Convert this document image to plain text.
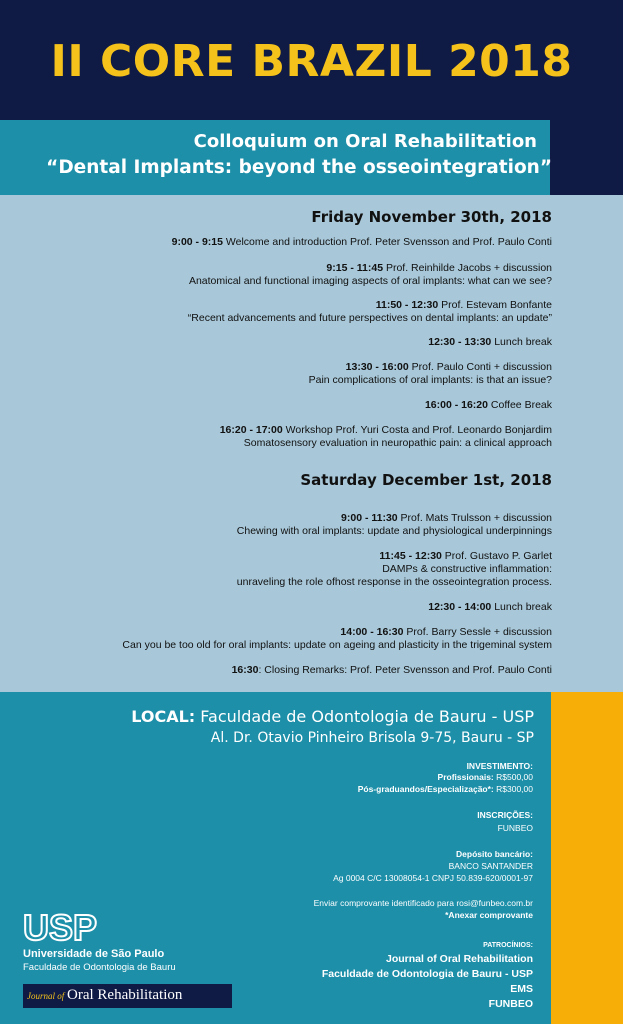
II CORE BRAZIL 2018
Colloquium on Oral Rehabilitation
“Dental Implants: beyond the osseointegration”
Friday November 30th, 2018
9:00 - 9:15 Welcome and introduction Prof. Peter Svensson and Prof. Paulo Conti
9:15 - 11:45 Prof. Reinhilde Jacobs + discussion
Anatomical and functional imaging aspects of oral implants: what can we see?
11:50 - 12:30 Prof. Estevam Bonfante
“Recent advancements and future perspectives on dental implants: an update”
12:30 - 13:30 Lunch break
13:30 - 16:00 Prof. Paulo Conti + discussion
Pain complications of oral implants: is that an issue?
16:00 - 16:20 Coffee Break
16:20 - 17:00 Workshop Prof. Yuri Costa and Prof. Leonardo Bonjardim
Somatosensory evaluation in neuropathic pain: a clinical approach
Saturday December 1st, 2018
9:00 - 11:30 Prof. Mats Trulsson + discussion
Chewing with oral implants: update and physiological underpinnings
11:45 - 12:30 Prof. Gustavo P. Garlet
DAMPs & constructive inflammation:
unraveling the role ofhost response in the osseointegration process.
12:30 - 14:00 Lunch break
14:00 - 16:30 Prof. Barry Sessle + discussion
Can you be too old for oral implants: update on ageing and plasticity in the trigeminal system
16:30: Closing Remarks: Prof. Peter Svensson and Prof. Paulo Conti
LOCAL: Faculdade de Odontologia de Bauru - USP
Al. Dr. Otavio Pinheiro Brisola 9-75, Bauru - SP
INVESTIMENTO:
Profissionais: R$500,00
Pós-graduandos/Especialização*: R$300,00
INSCRIÇÕES:
FUNBEO
Depósito bancário:
BANCO SANTANDER
Ag 0004 C/C 13008054-1 CNPJ 50.839-620/0001-97
Enviar comprovante identificado para rosi@funbeo.com.br
*Anexar comprovante
PATROCÍNIOS:
Journal of Oral Rehabilitation
Faculdade de Odontologia de Bauru - USP
EMS
FUNBEO
USP
Universidade de São Paulo
Faculdade de Odontologia de Bauru
Journal of Oral Rehabilitation
